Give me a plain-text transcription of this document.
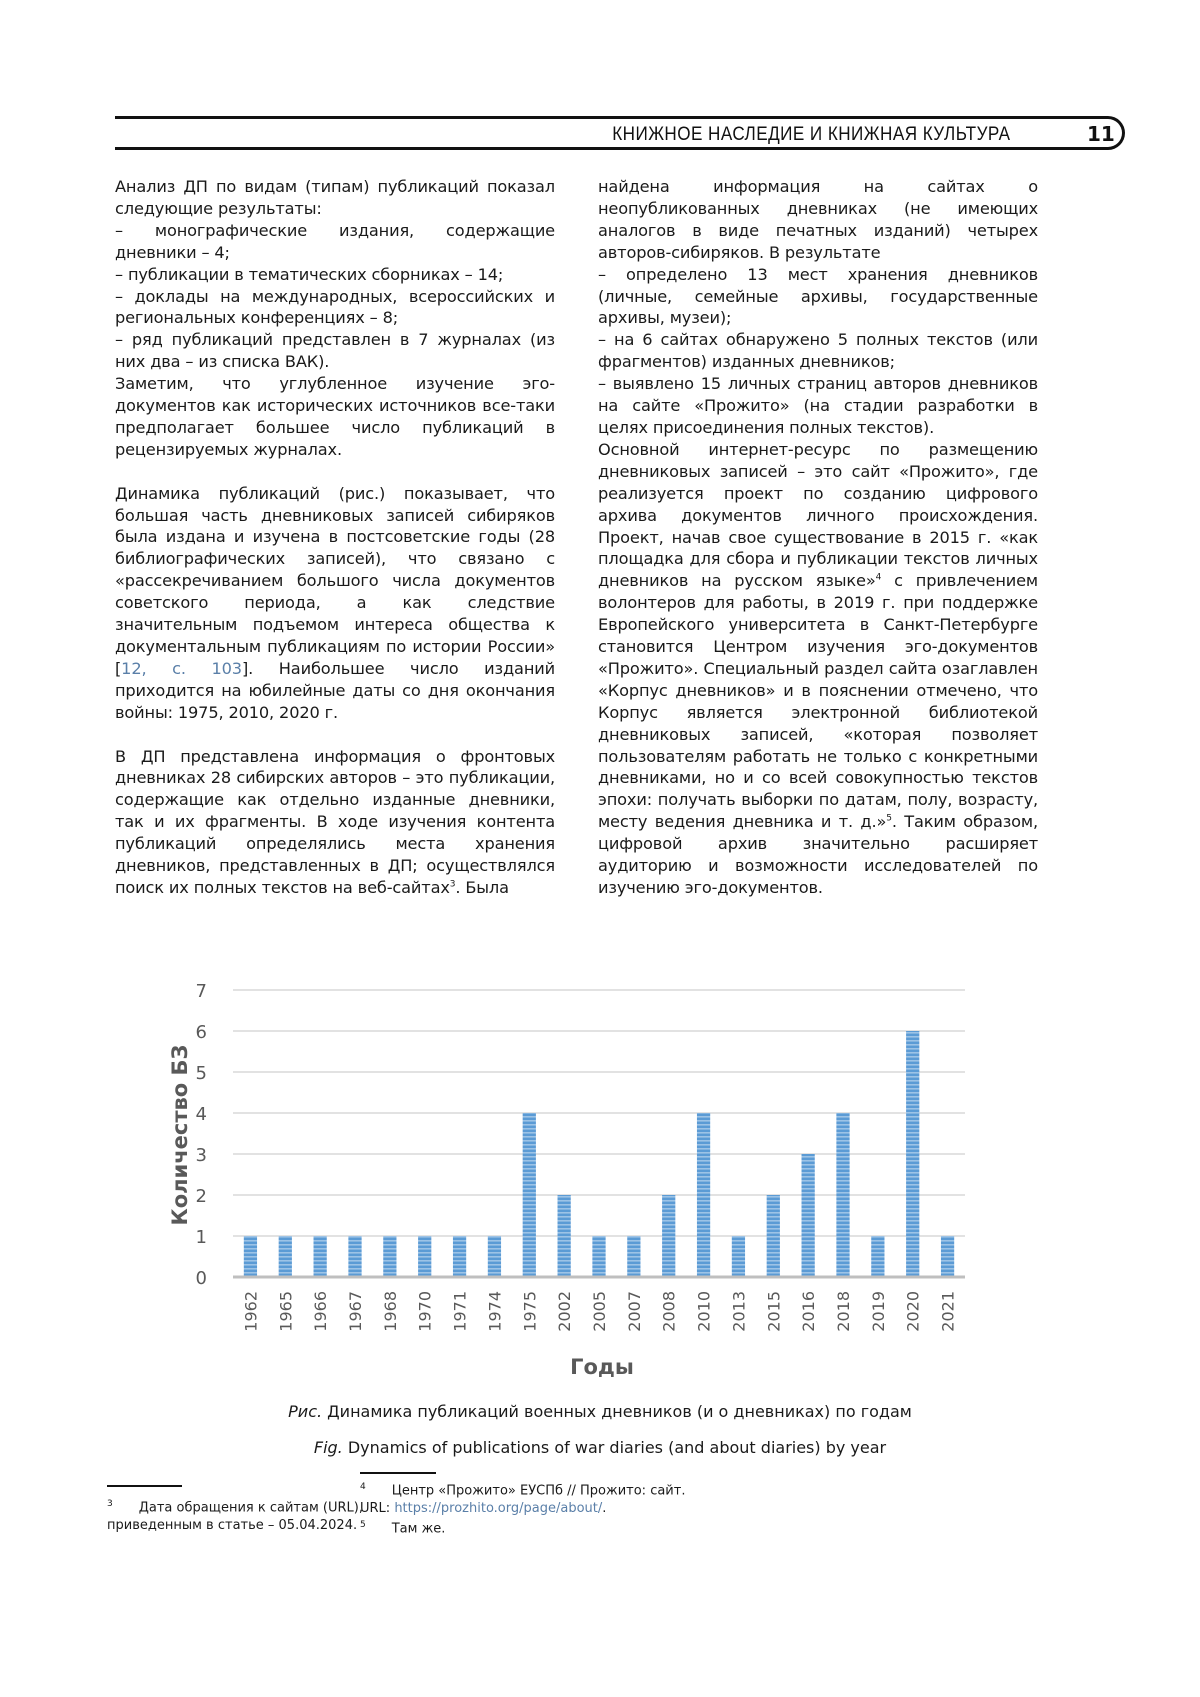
КНИЖНОЕ НАСЛЕДИЕ И КНИЖНАЯ КУЛЬТУРА	11

Анализ ДП по видам (типам) публикаций показал следующие результаты:

– монографические издания, содержащие дневники – 4;

– публикации в тематических сборниках – 14;

– доклады на международных, всероссийских и региональных конференциях – 8;

– ряд публикаций представлен в 7 журналах (из них два – из списка ВАК).

Заметим, что углубленное изучение эго-документов как исторических источников все-таки предполагает большее число публикаций в рецензируемых журналах.

Динамика публикаций (рис.) показывает, что большая часть дневниковых записей сибиряков была издана и изучена в постсоветские годы (28 библиографических записей), что связано с «рассекречиванием большого числа документов советского периода, а как следствие значительным подъемом интереса общества к документальным публикациям по истории России» [12, с. 103]. Наибольшее число изданий приходится на юбилейные даты со дня окончания войны: 1975, 2010, 2020 г.

В ДП представлена информация о фронтовых дневниках 28 сибирских авторов – это публикации, содержащие как отдельно изданные дневники, так и их фрагменты. В ходе изучения контента публикаций определялись места хранения дневников, представленных в ДП; осуществлялся поиск их полных текстов на веб-сайтах$^3$. Была

найдена информация на сайтах о неопубликованных дневниках (не имеющих аналогов в виде печатных изданий) четырех авторов-сибиряков. В результате

– определено 13 мест хранения дневников (личные, семейные архивы, государственные архивы, музеи);

– на 6 сайтах обнаружено 5 полных текстов (или фрагментов) изданных дневников;

– выявлено 15 личных страниц авторов дневников на сайте «Прожито» (на стадии разработки в целях присоединения полных текстов).

Основной интернет-ресурс по размещению дневниковых записей – это сайт «Прожито», где реализуется проект по созданию цифрового архива документов личного происхождения. Проект, начав свое существование в 2015 г. «как площадка для сбора и публикации текстов личных дневников на русском языке»$^4$ с привлечением волонтеров для работы, в 2019 г. при поддержке Европейского университета в Санкт-Петербурге становится Центром изучения эго-документов «Прожито». Специальный раздел сайта озаглавлен «Корпус дневников» и в пояснении отмечено, что Корпус является электронной библиотекой дневниковых записей, «которая позволяет пользователям работать не только с конкретными дневниками, но и со всей совокупностью текстов эпохи: получать выборки по датам, полу, возрасту, месту ведения дневника и т. д.»$^5$. Таким образом, цифровой архив значительно расширяет аудиторию и возможности исследователей по изучению эго-документов.

0
1
2
3
4
5
6
7
1962 1965 1966 1967 1968 1970 1971 1974 1975 2002 2005 2007 2008 2010 2013 2015 2016 2018 2019 2020 2021
Количество БЗ
Годы
Рис. Динамика публикаций военных дневников (и о дневниках) по годам
Fig. Dynamics of publications of war diaries (and about diaries) by year
$^3$ Дата обращения к сайтам (URL), приведенным в статье – 05.04.2024.
$^4$ Центр «Прожито» ЕУСПб // Прожито: сайт. URL: https://prozhito.org/page/about/.
$^5$ Там же.
